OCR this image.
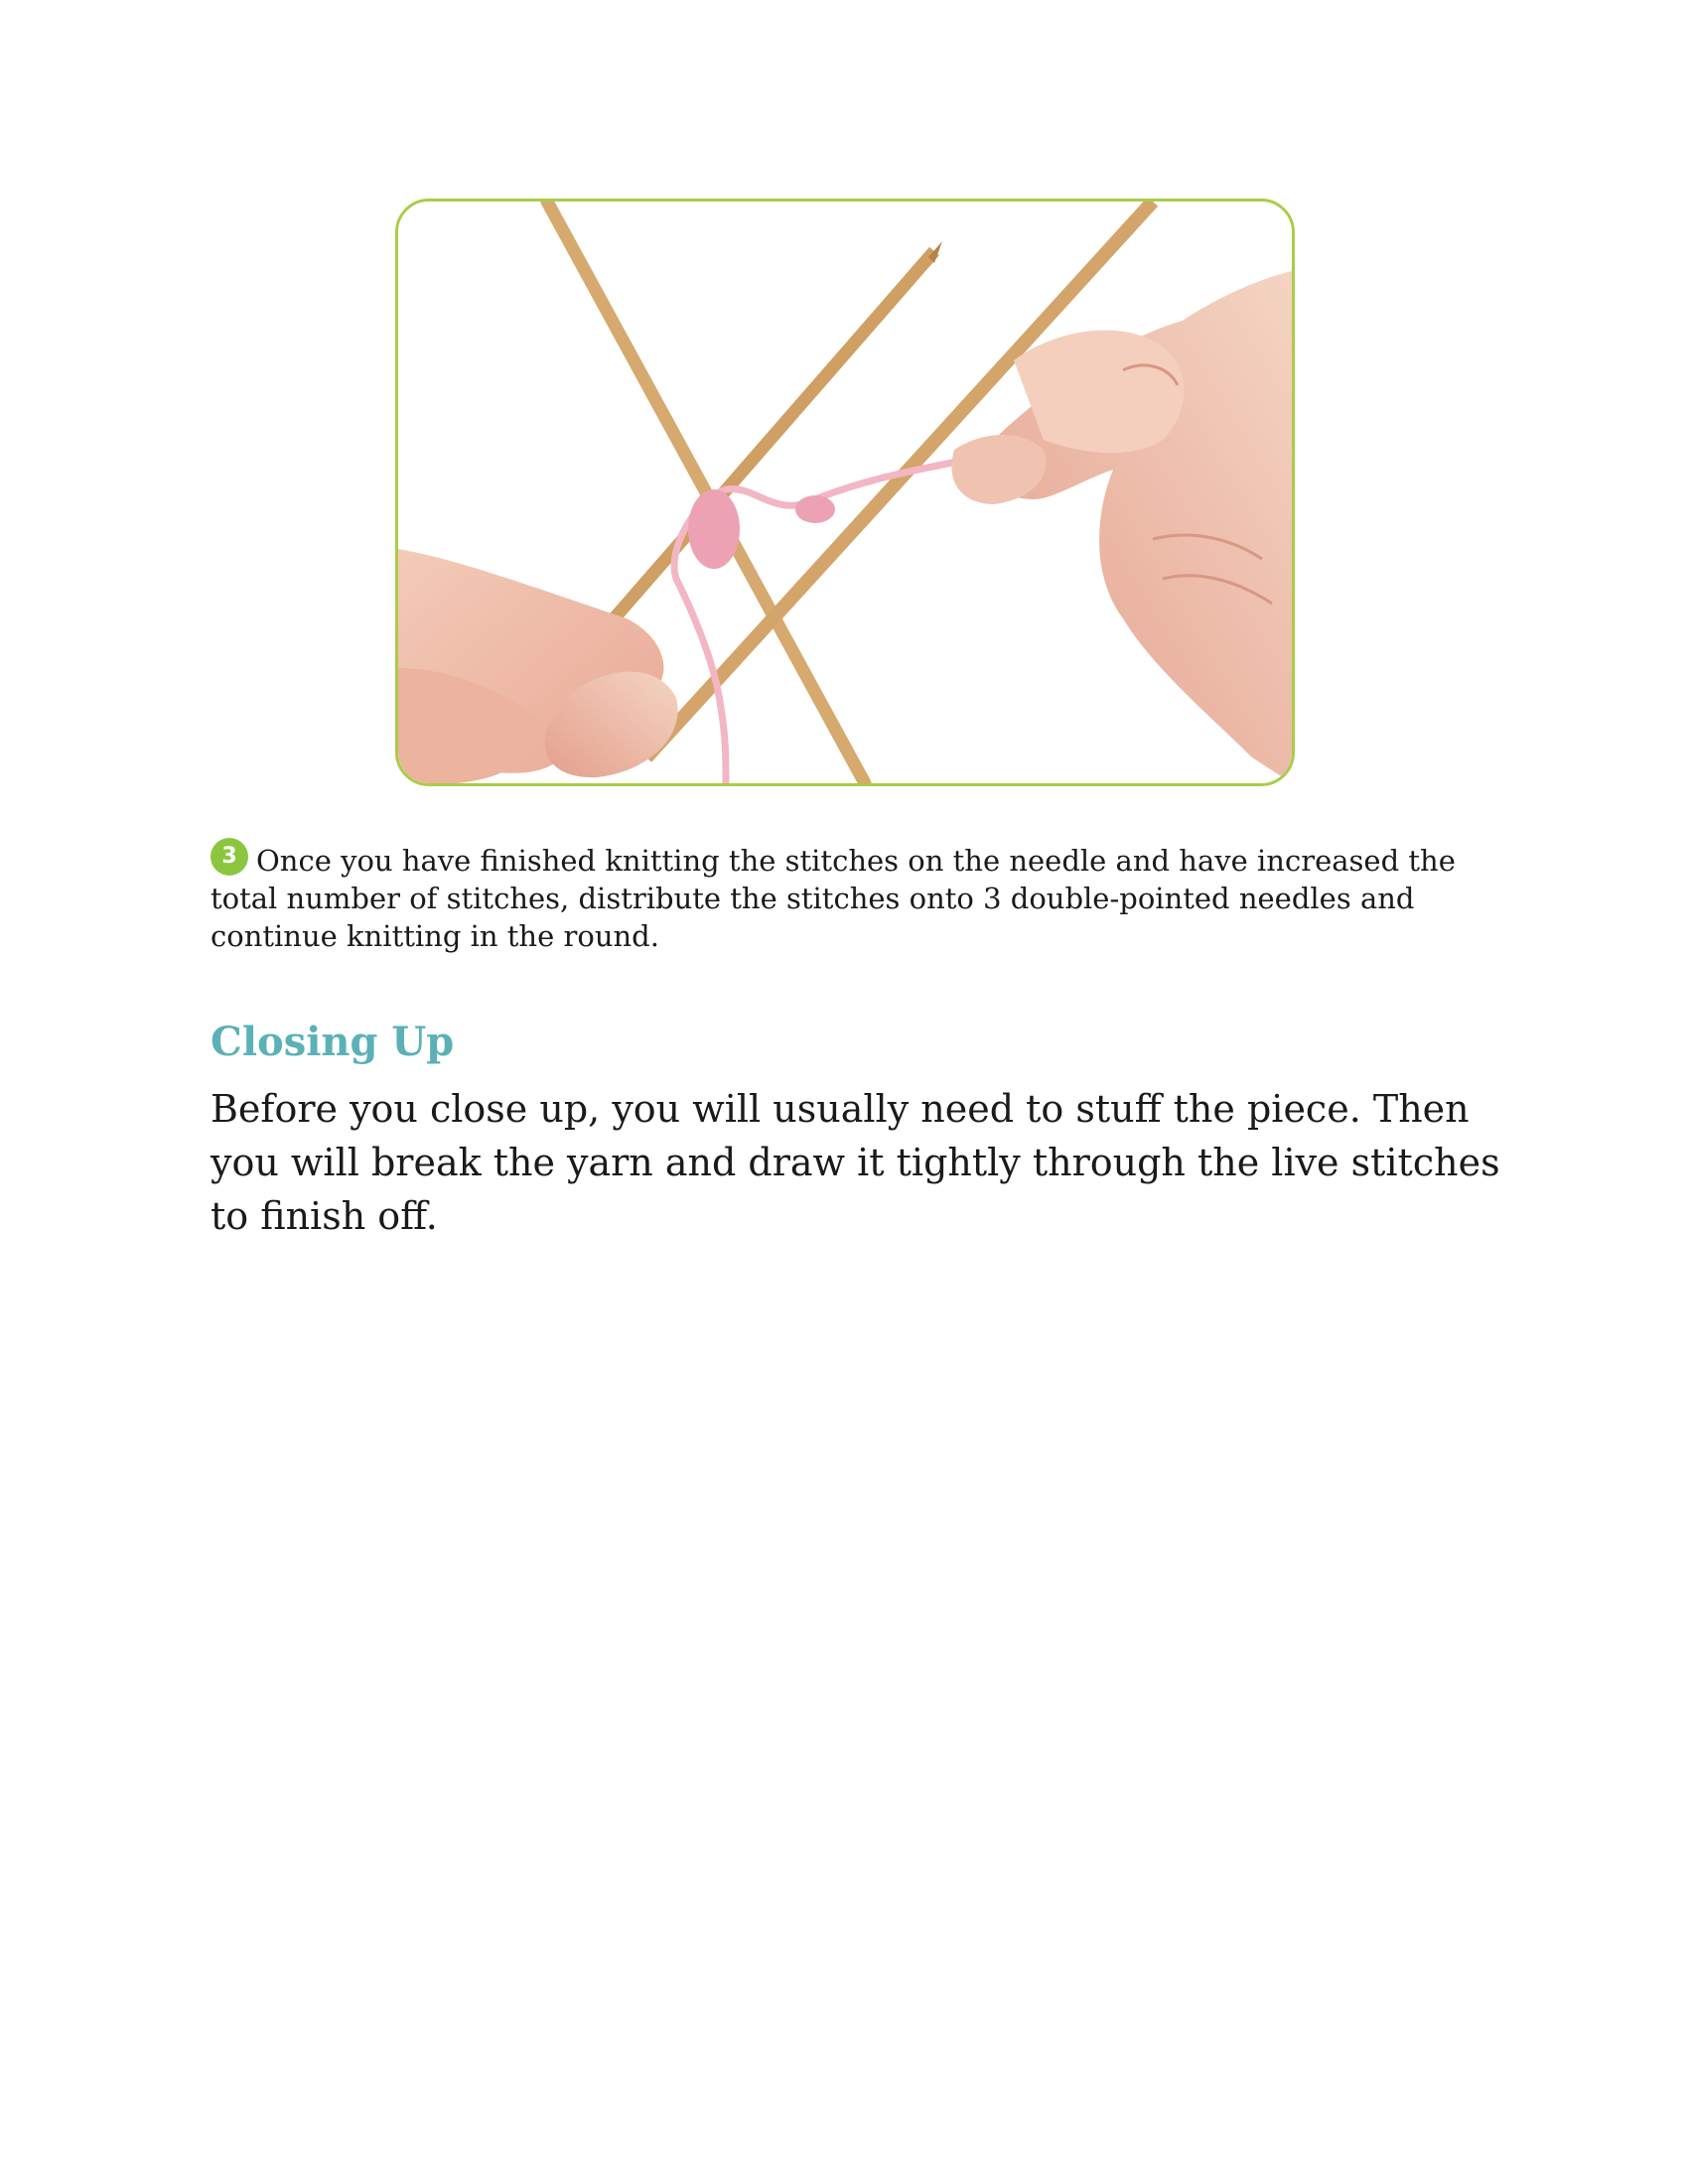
3 Once you have finished knitting the stitches on the needle and have increased the total number of stitches, distribute the stitches onto 3 double-pointed needles and continue knitting in the round.
Closing Up

Before you close up, you will usually need to stuff the piece. Then you will break the yarn and draw it tightly through the live stitches to finish off.
